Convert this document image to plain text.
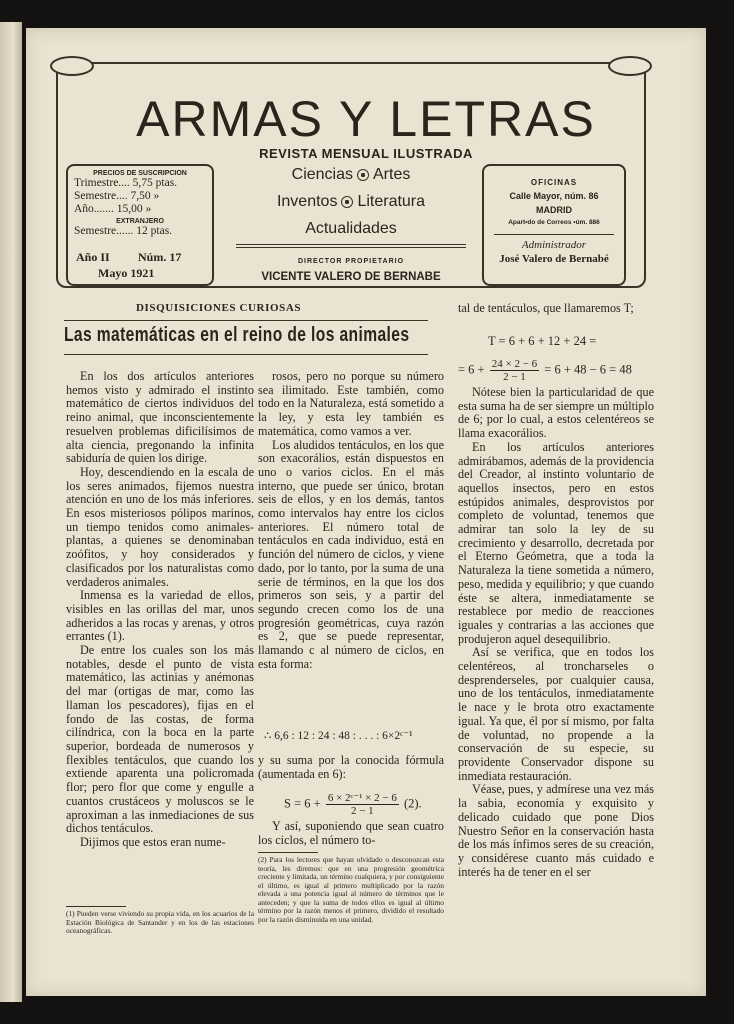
ARMAS Y LETRAS
REVISTA MENSUAL ILUSTRADA
PRECIOS DE SUSCRIPCION
Trimestre.... 5,75 ptas.
Semestre.... 7,50 »
Año....... 15,00 »
EXTRANJERO
Semestre...... 12 ptas.
Año II Núm. 17
Mayo 1921
Ciencias Artes
Inventos Literatura
Actualidades
DIRECTOR PROPIETARIO
VICENTE VALERO DE BERNABE
OFICINAS
Calle Mayor, núm. 86
MADRID
Apart•do de Correos •úm. 886
Administrador
José Valero de Bernabé
DISQUISICIONES CURIOSAS
Las matemáticas en el reino de los animales

En los dos artículos anteriores hemos visto y admirado el instinto matemático de ciertos individuos del reino animal, que inconscientemente resuelven problemas dificilísimos de alta ciencia, pregonando la infinita sabiduría de quien los dirige.

Hoy, descendiendo en la escala de los seres animados, fijemos nuestra atención en uno de los más inferiores. En esos misteriosos pólipos marinos, un tiempo tenidos como animales-plantas, a quienes se denominaban zoófitos, y hoy considerados y clasificados por los naturalistas como verdaderos animales.

Inmensa es la variedad de ellos, visibles en las orillas del mar, unos adheridos a las rocas y arenas, y otros errantes (1).

De entre los cuales son los más notables, desde el punto de vista matemático, las actinias y anémonas del mar (ortigas de mar, como las llaman los pescadores), fijas en el fondo de las costas, de forma cilíndrica, con la boca en la parte superior, bordeada de numerosos y flexibles tentáculos, que cuando los extiende aparenta una policromada flor; pero flor que come y engulle a cuantos crustáceos y moluscos se le aproximan a las inmediaciones de sus dichos tentáculos.

Dijimos que estos eran nume-

(1) Pueden verse viviendo su propia vida, en los acuarios de la Estación Biológica de Santander y en los de las estaciones oceanográficas.

rosos, pero no porque su número sea ilimitado. Este también, como todo en la Naturaleza, está sometido a la ley, y esta ley también es matemática, como vamos a ver.

Los aludidos tentáculos, en los que son exacorálios, están dispuestos en uno o varios ciclos. En el más interno, que puede ser único, brotan seis de ellos, y en los demás, tantos como intervalos hay entre los ciclos anteriores. El número total de tentáculos en cada individuo, está en función del número de ciclos, y viene dado, por lo tanto, por la suma de una serie de términos, en la que los dos primeros son seis, y a partir del segundo crecen como los de una progresión geométricas, cuya razón es 2, que se puede representar, llamando c al número de ciclos, en esta forma:

∴ 6,6 : 12 : 24 : 48 : . . . : 6×2ᶜ⁻¹
y su suma por la conocida fórmula (aumentada en 6):
$S = 6 + \frac{\text{6 × 2ᶜ⁻¹ × 2 − 6}}{2 - 1} (2)$.

Y así, suponiendo que sean cuatro los ciclos, el número to-

(2) Para los lectores que hayan olvidado o desconozcan esta teoría, les diremos: que en una progresión geométrica creciente y limitada, un término cualquiera, y por consiguiente el último, es igual al primero multiplicado por la razón elevada a una potencia igual al número de términos que le anteceden; y que la suma de todos ellos es igual al último término por la razón menos el primero, dividido el resultado por la razón disminuida en una unidad.
tal de tentáculos, que llamaremos T;
T = 6 + 6 + 12 + 24 =
= $6 + \frac{24 \times 2 - 6}{2 - 1} = 6 + 48 - 6 = 48$

Nótese bien la particularidad de que esta suma ha de ser siempre un múltiplo de 6; por lo cual, a estos celentéreos se llama exacorálios.

En los artículos anteriores admirábamos, además de la providencia del Creador, al instinto voluntario de aquellos insectos, pero en estos estúpidos animales, desprovistos por completo de voluntad, tenemos que admirar tan solo la ley de su crecimiento y desarrollo, decretada por el Eterno Geómetra, que a toda la Naturaleza la tiene sometida a número, peso, medida y equilibrio; y que cuando éste se altera, inmediatamente se restablece por medio de reacciones iguales y contrarias a las acciones que produjeron aquel desequilibrio.

Así se verifica, que en todos los celentéreos, al troncharseles o desprenderseles, por cualquier causa, uno de los tentáculos, inmediatamente le nace y le brota otro exactamente igual. Ya que, él por sí mismo, por falta de voluntad, no propende a la conservación de su especie, su providente Conservador dispone su inmediata restauración.

Véase, pues, y admírese una vez más la sabia, economía y exquisito y delicado cuidado que pone Dios Nuestro Señor en la conservación hasta de los más ínfimos seres de su creación, y considérese cuanto más cuidado e interés ha de tener en el ser
